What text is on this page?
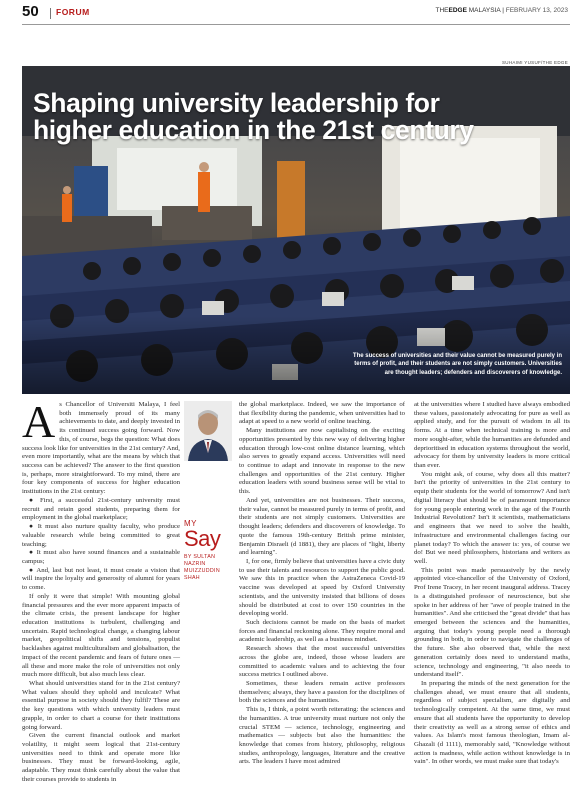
50 FORUM	THEEDGE MALAYSIA | FEBRUARY 13, 2023
SUHAIMI YUSUF/THE EDGE
Shaping university leadership for
higher education in the 21st century
The success of universities and their value cannot be measured purely in
terms of profit, and their students are not simply customers. Universities
are thought leaders; defenders and discoverers of knowledge.

As Chancellor of Universiti Malaya, I feel both immensely proud of its many achievements to date, and deeply invested in its continued success going forward. Now this, of course, begs the question: What does success look like for universities in the 21st century? And, even more importantly, what are the means by which that success can be achieved? The answer to the first question is, perhaps, more straightforward. To my mind, there are four key components of success for higher education institutions in the 21st century:

● First, a successful 21st-century university must recruit and retain good students, preparing them for employment in the global marketplace;

● It must also nurture quality faculty, who produce valuable research while being committed to great teaching;

● It must also have sound finances and a sustainable campus;

● And, last but not least, it must create a vision that will inspire the loyalty and generosity of alumni for years to come.

If only it were that simple! With mounting global financial pressures and the ever more apparent impacts of the climate crisis, the present landscape for higher education institutions is turbulent, challenging and uncertain. Rapid technological change, a changing labour market, geopolitical shifts and tensions, populist backlashes against multiculturalism and globalisation, the impact of the recent pandemic and fears of future ones — all these and more make the role of universities not only much more difficult, but also much less clear.

What should universities stand for in the 21st century? What values should they uphold and inculcate? What essential purpose in society should they fulfil? These are the key questions with which university leaders must grapple, in order to chart a course for their institutions going forward.

Given the current financial outlook and market volatility, it might seem logical that 21st-century universities need to think and operate more like businesses. They must be forward-looking, agile, adaptable. They must think carefully about the value that their courses provide to students in

MY
Say
BY SULTAN NAZRIN
MUIZZUDDIN SHAH

the global marketplace. Indeed, we saw the importance of that flexibility during the pandemic, when universities had to adapt at speed to a new world of online teaching.

Many institutions are now capitalising on the exciting opportunities presented by this new way of delivering higher education through low-cost online distance learning, which also serves to greatly expand access. Universities will need to continue to adapt and innovate in response to the new challenges and opportunities of the 21st century. Higher education leaders with sound business sense will be vital to this.

And yet, universities are not businesses. Their success, their value, cannot be measured purely in terms of profit, and their students are not simply customers. Universities are thought leaders; defenders and discoverers of knowledge. To quote the famous 19th-century British prime minister, Benjamin Disraeli (d 1881), they are places of "light, liberty and learning".

I, for one, firmly believe that universities have a civic duty to use their talents and resources to support the public good. We saw this in practice when the AstraZeneca Covid-19 vaccine was developed at speed by Oxford University scientists, and the university insisted that billions of doses should be distributed at cost to over 150 countries in the developing world.

Such decisions cannot be made on the basis of market forces and financial reckoning alone. They require moral and academic leadership, as well as a business mindset.

Research shows that the most successful universities across the globe are, indeed, those whose leaders are committed to academic values and to achieving the four success metrics I outlined above.

Sometimes, these leaders remain active professors themselves; always, they have a passion for the disciplines of both the sciences and the humanities.

This is, I think, a point worth reiterating: the sciences and the humanities. A true university must nurture not only the crucial STEM — science, technology, engineering and mathematics — subjects but also the humanities: the knowledge that comes from history, philosophy, religious studies, anthropology, languages, literature and the creative arts. The leaders I have most admired

at the universities where I studied have always embodied these values, passionately advocating for pure as well as applied study, and for the pursuit of wisdom in all its forms. At a time when technical training is more and more sought-after, while the humanities are defunded and deprioritised in education systems throughout the world, advocacy for them by university leaders is more critical than ever.

You might ask, of course, why does all this matter? Isn't the priority of universities in the 21st century to equip their students for the world of tomorrow? And isn't digital literacy that should be of paramount importance for young people entering work in the age of the Fourth Industrial Revolution? Isn't it scientists, mathematicians and engineers that we need to solve the health, infrastructure and environmental challenges facing our planet today? To which the answer is: yes, of course we do! But we need philosophers, historians and writers as well.

This point was made persuasively by the newly appointed vice-chancellor of the University of Oxford, Prof Irene Tracey, in her recent inaugural address. Tracey is a distinguished professor of neuroscience, but she spoke in her address of her "awe of people trained in the humanities". And she criticised the "great divide" that has emerged between the sciences and the humanities, arguing that today's young people need a thorough grounding in both, in order to navigate the challenges of the future. She also observed that, while the next generation certainly does need to understand maths, science, technology and engineering, "it also needs to understand itself".

In preparing the minds of the next generation for the challenges ahead, we must ensure that all students, regardless of subject specialism, are digitally and technologically competent. At the same time, we must ensure that all students have the opportunity to develop their creativity as well as a strong sense of ethics and values. As Islam's most famous theologian, Imam al-Ghazali (d 1111), memorably said, "Knowledge without action is madness, while action without knowledge is in vain". In other words, we must make sure that today's
